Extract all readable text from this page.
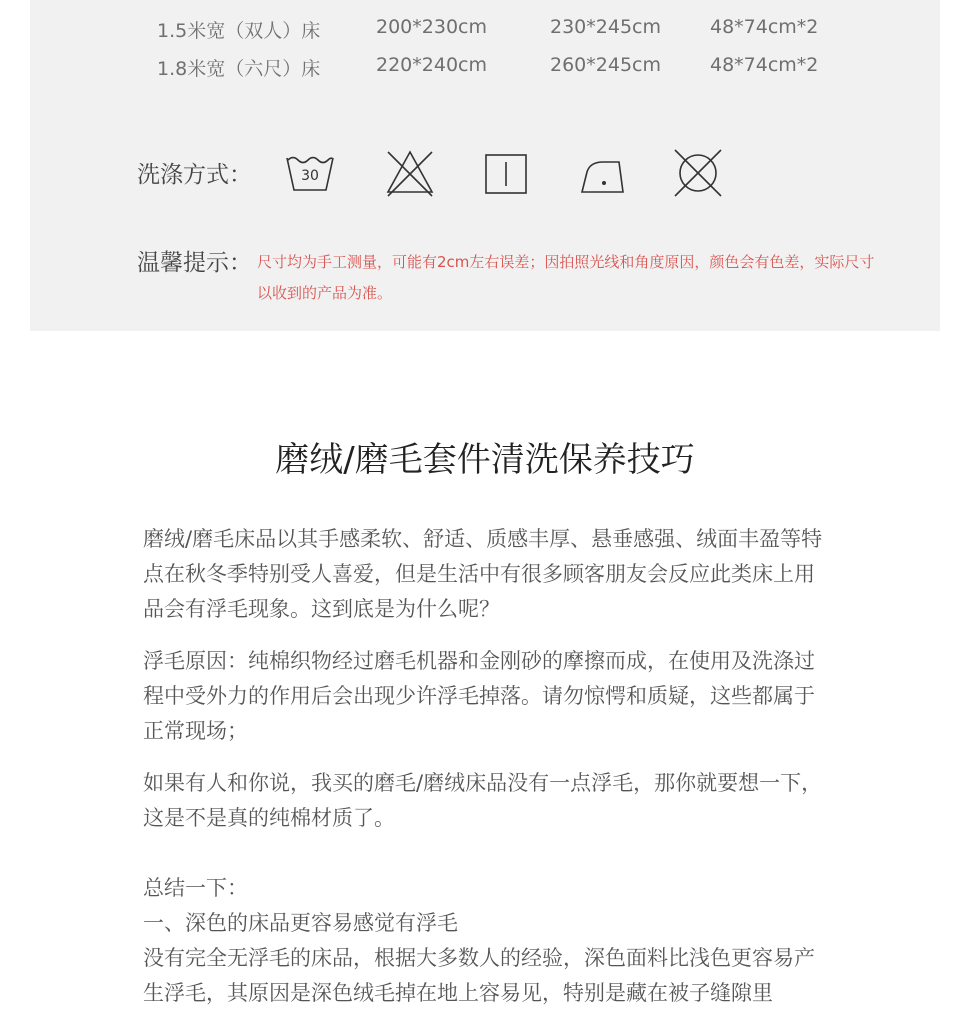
1.5米宽（双人）床	200*230cm	230*245cm	48*74cm*2
1.8米宽（六尺）床	220*240cm	260*245cm	48*74cm*2
洗涤方式：	30
温馨提示： 尺寸均为手工测量，可能有2cm左右误差；因拍照光线和角度原因，颜色会有色差，实际尺寸以收到的产品为准。
磨绒/磨毛套件清洗保养技巧

磨绒/磨毛床品以其手感柔软、舒适、质感丰厚、悬垂感强、绒面丰盈等特点在秋冬季特别受人喜爱，但是生活中有很多顾客朋友会反应此类床上用品会有浮毛现象。这到底是为什么呢？

浮毛原因：纯棉织物经过磨毛机器和金刚砂的摩擦而成，在使用及洗涤过程中受外力的作用后会出现少许浮毛掉落。请勿惊愕和质疑，这些都属于正常现场；

如果有人和你说，我买的磨毛/磨绒床品没有一点浮毛，那你就要想一下，这是不是真的纯棉材质了。

总结一下：

一、深色的床品更容易感觉有浮毛

没有完全无浮毛的床品，根据大多数人的经验，深色面料比浅色更容易产生浮毛，其原因是深色绒毛掉在地上容易见，特别是藏在被子缝隙里
